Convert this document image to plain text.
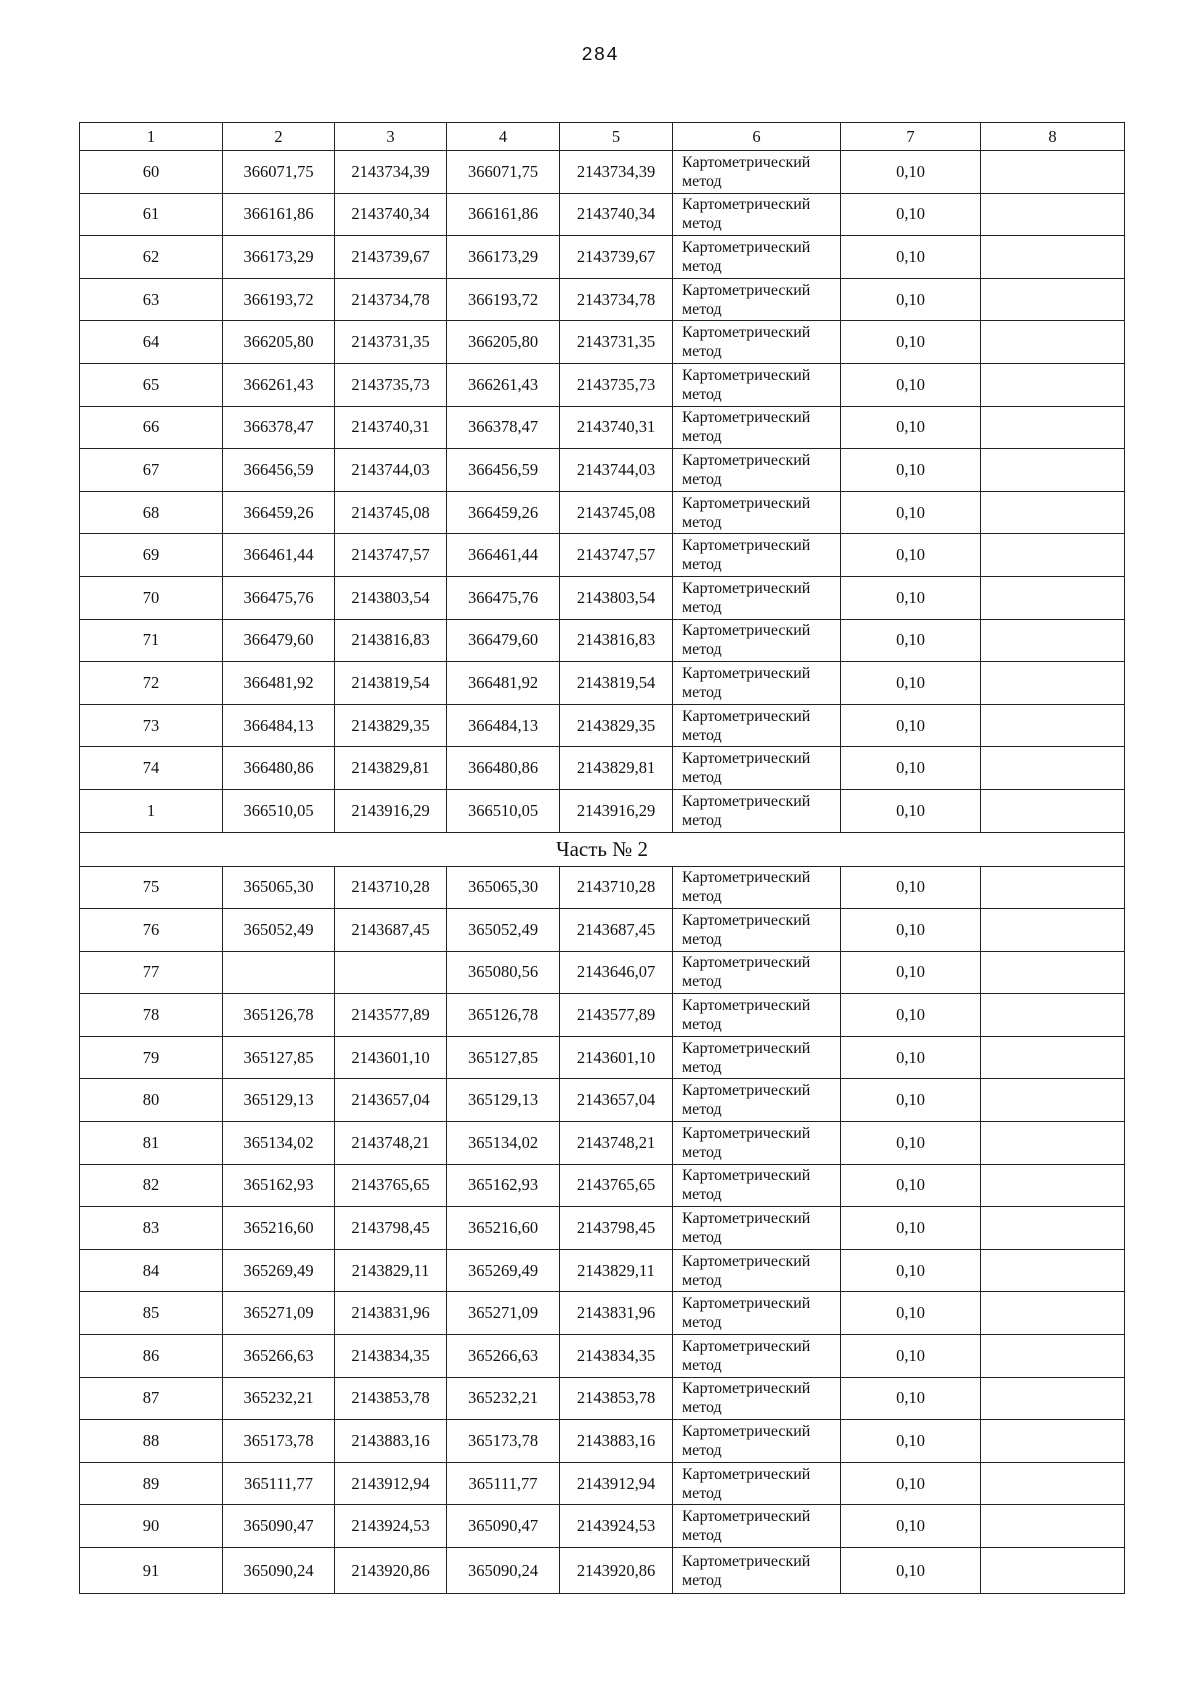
284
1	2	3	4	5	6	7	8
60	366071,75	2143734,39	366071,75	2143734,39	Картометрический метод	0,10	
61	366161,86	2143740,34	366161,86	2143740,34	Картометрический метод	0,10	
62	366173,29	2143739,67	366173,29	2143739,67	Картометрический метод	0,10	
63	366193,72	2143734,78	366193,72	2143734,78	Картометрический метод	0,10	
64	366205,80	2143731,35	366205,80	2143731,35	Картометрический метод	0,10	
65	366261,43	2143735,73	366261,43	2143735,73	Картометрический метод	0,10	
66	366378,47	2143740,31	366378,47	2143740,31	Картометрический метод	0,10	
67	366456,59	2143744,03	366456,59	2143744,03	Картометрический метод	0,10	
68	366459,26	2143745,08	366459,26	2143745,08	Картометрический метод	0,10	
69	366461,44	2143747,57	366461,44	2143747,57	Картометрический метод	0,10	
70	366475,76	2143803,54	366475,76	2143803,54	Картометрический метод	0,10	
71	366479,60	2143816,83	366479,60	2143816,83	Картометрический метод	0,10	
72	366481,92	2143819,54	366481,92	2143819,54	Картометрический метод	0,10	
73	366484,13	2143829,35	366484,13	2143829,35	Картометрический метод	0,10	
74	366480,86	2143829,81	366480,86	2143829,81	Картометрический метод	0,10	
1	366510,05	2143916,29	366510,05	2143916,29	Картометрический метод	0,10	
Часть № 2							
75	365065,30	2143710,28	365065,30	2143710,28	Картометрический метод	0,10	
76	365052,49	2143687,45	365052,49	2143687,45	Картометрический метод	0,10	
77			365080,56	2143646,07	Картометрический метод	0,10	
78	365126,78	2143577,89	365126,78	2143577,89	Картометрический метод	0,10	
79	365127,85	2143601,10	365127,85	2143601,10	Картометрический метод	0,10	
80	365129,13	2143657,04	365129,13	2143657,04	Картометрический метод	0,10	
81	365134,02	2143748,21	365134,02	2143748,21	Картометрический метод	0,10	
82	365162,93	2143765,65	365162,93	2143765,65	Картометрический метод	0,10	
83	365216,60	2143798,45	365216,60	2143798,45	Картометрический метод	0,10	
84	365269,49	2143829,11	365269,49	2143829,11	Картометрический метод	0,10	
85	365271,09	2143831,96	365271,09	2143831,96	Картометрический метод	0,10	
86	365266,63	2143834,35	365266,63	2143834,35	Картометрический метод	0,10	
87	365232,21	2143853,78	365232,21	2143853,78	Картометрический метод	0,10	
88	365173,78	2143883,16	365173,78	2143883,16	Картометрический метод	0,10	
89	365111,77	2143912,94	365111,77	2143912,94	Картометрический метод	0,10	
90	365090,47	2143924,53	365090,47	2143924,53	Картометрический метод	0,10	
91	365090,24	2143920,86	365090,24	2143920,86	Картометрический метод	0,10	
